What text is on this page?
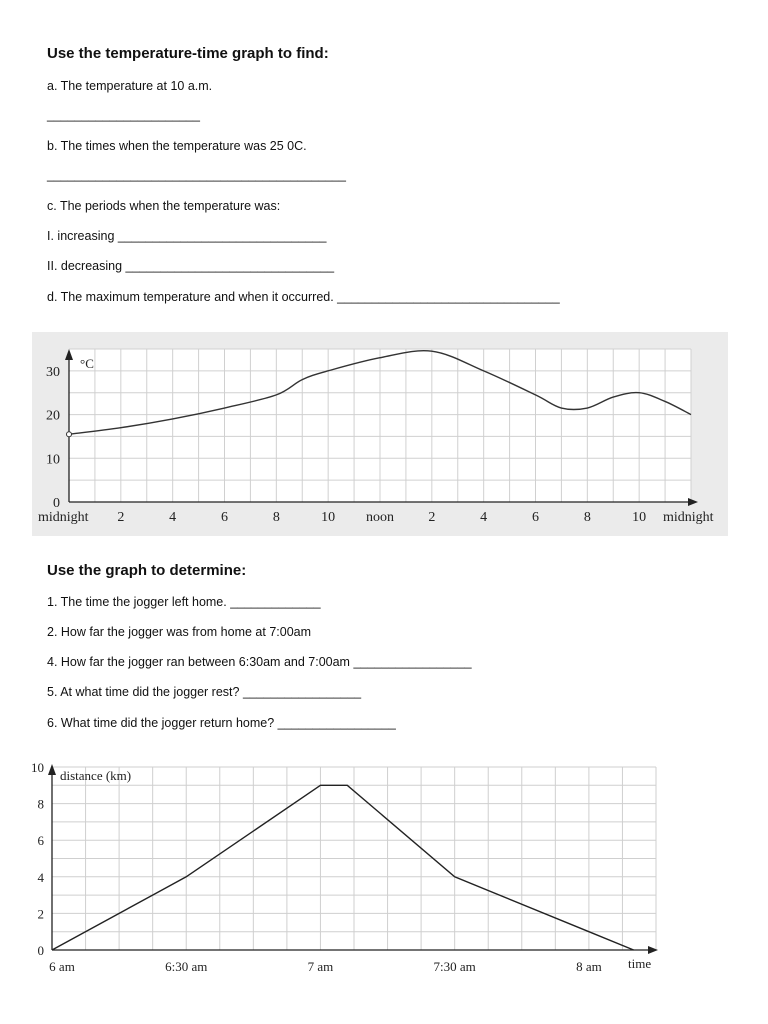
Use the temperature-time graph to find:

a. The temperature at 10 a.m.

______________________

b. The times when the temperature was 25 0C.

___________________________________________

c. The periods when the temperature was:

I. increasing ______________________________

II. decreasing ______________________________

d. The maximum temperature and when it occurred. ________________________________

0
10
20
30
midnight 2	4	6	8	10 noon 2	4	6	8	10 midnight
°C
Use the graph to determine:

1. The time the jogger left home. _____________

2. How far the jogger was from home at 7:00am

4. How far the jogger ran between 6:30am and 7:00am _________________

5. At what time did the jogger rest? _________________

6. What time did the jogger return home? _________________

0
2
4
6
8
10
6 am	6:30 am	7 am	7:30 am	8 am
distance (km)
time
